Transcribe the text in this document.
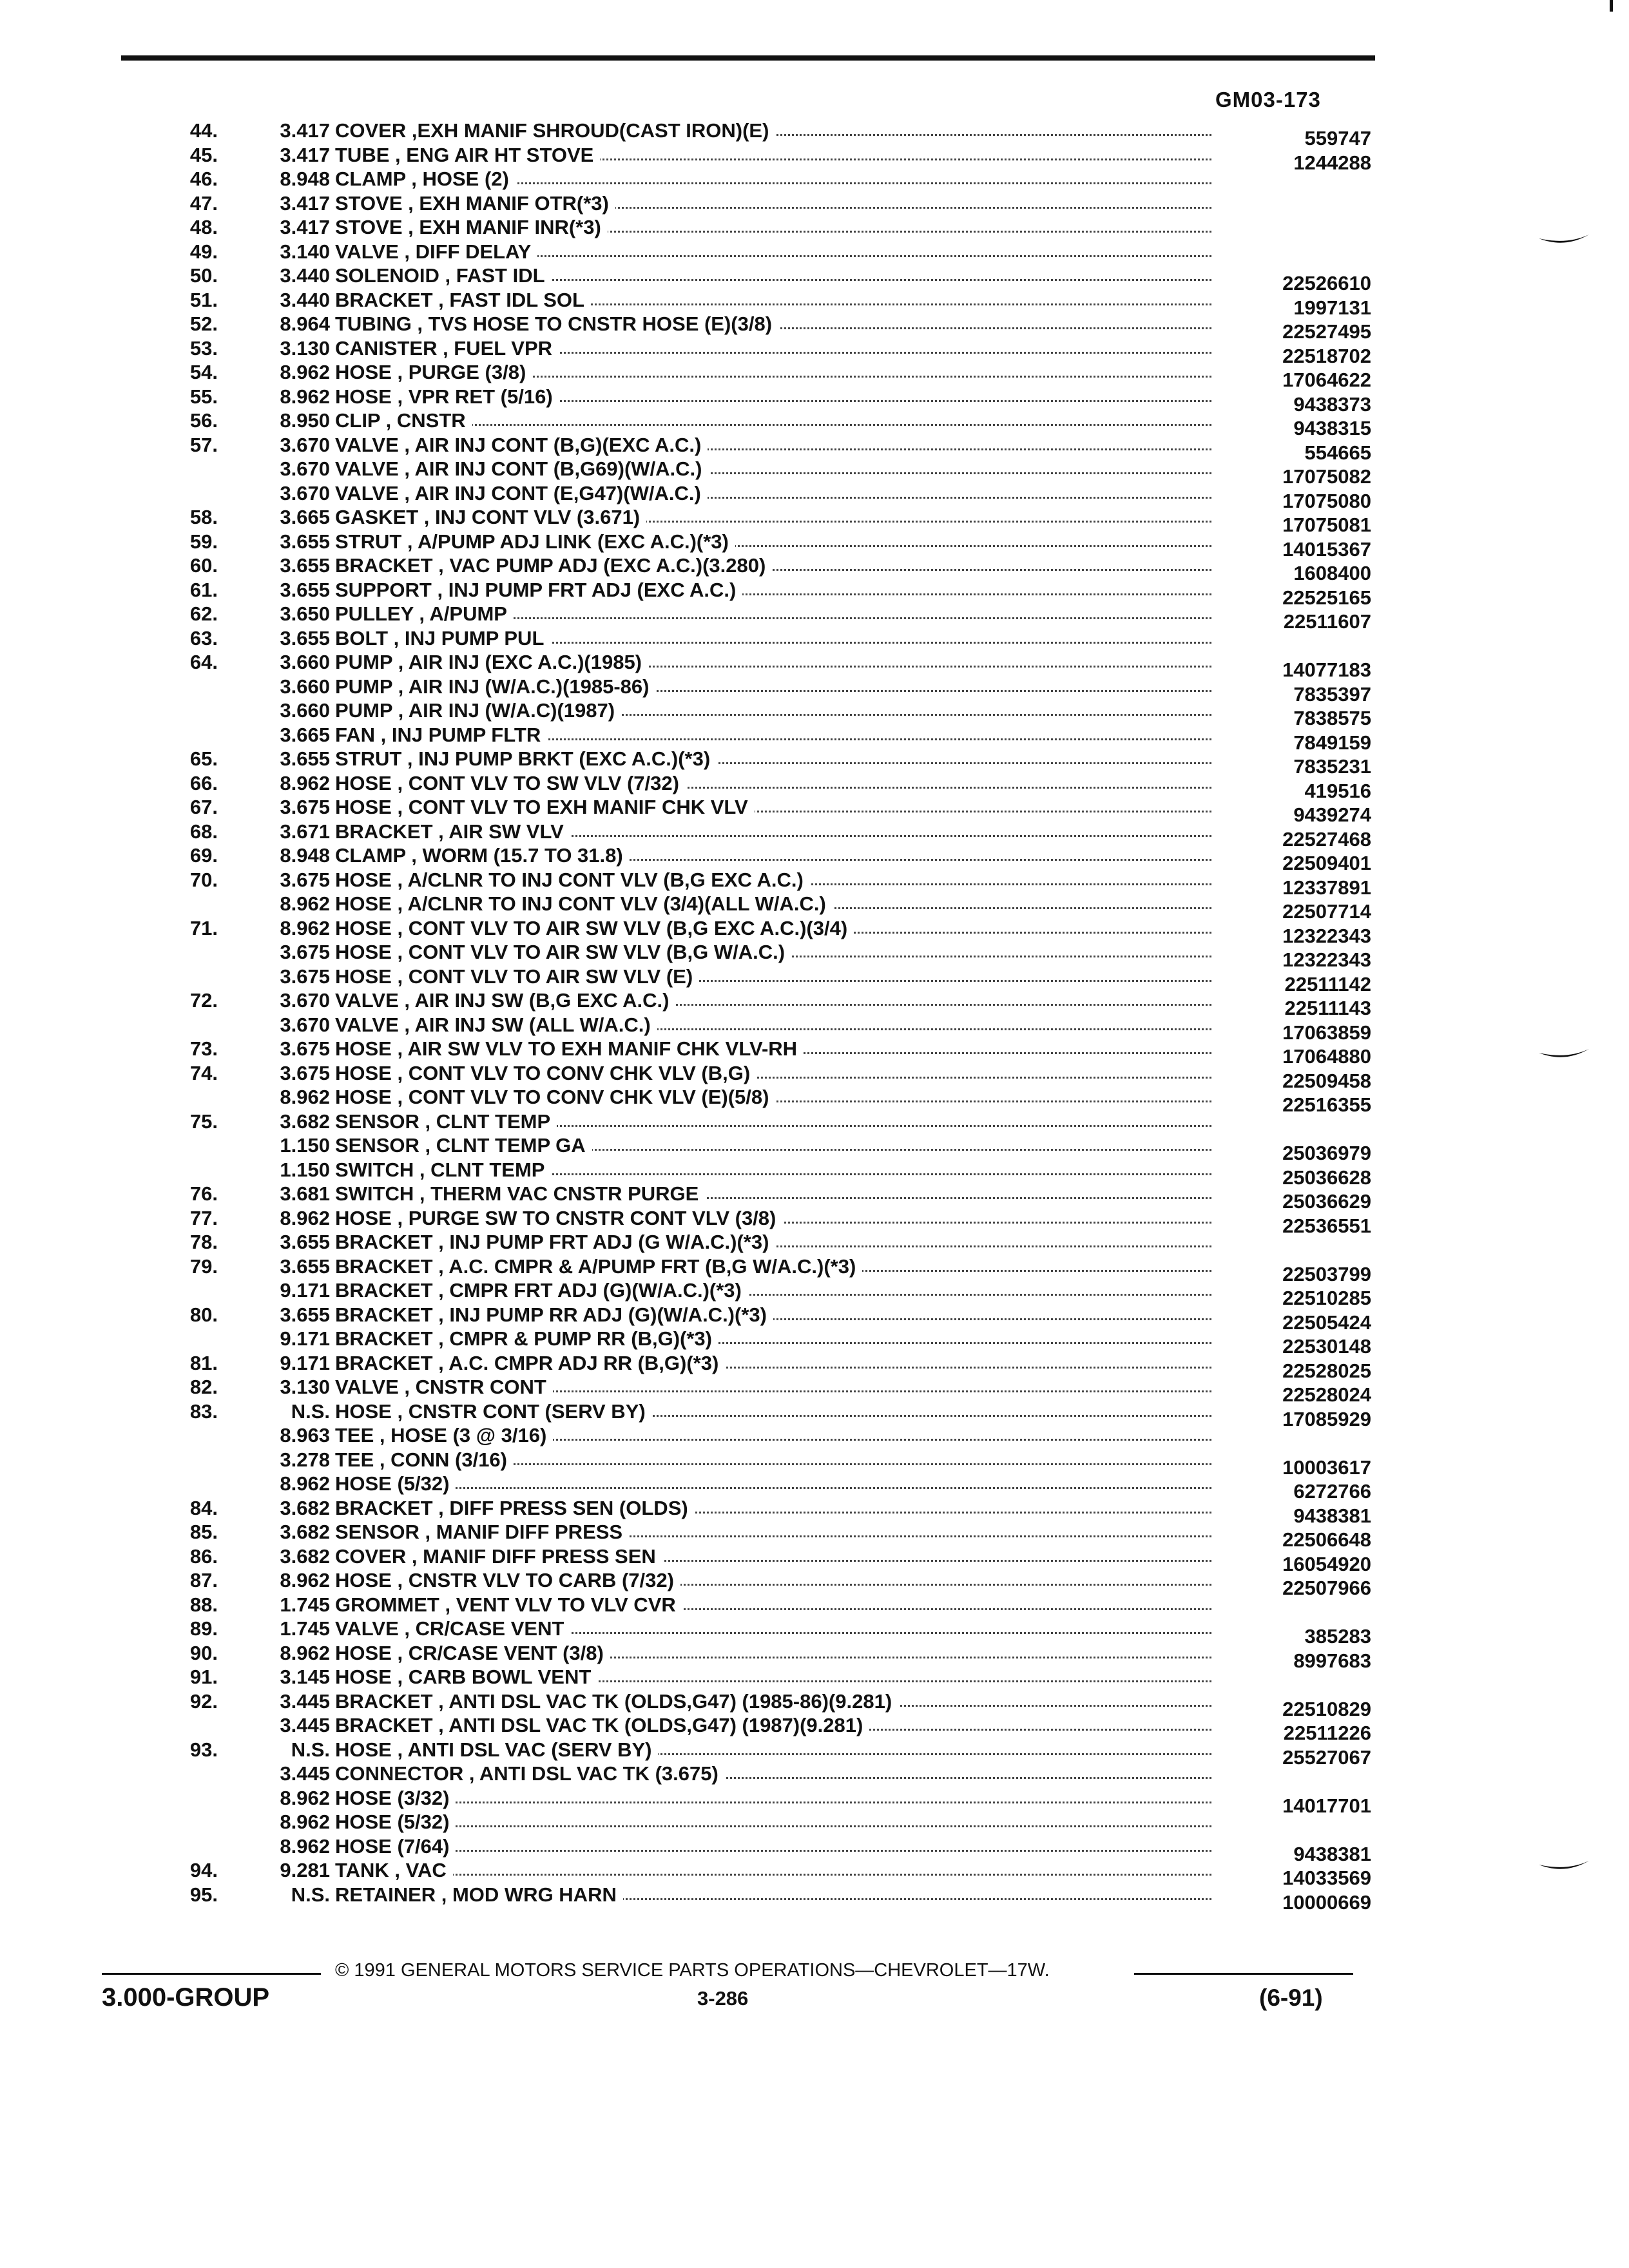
GM03-173
44.	3.417 COVER ,EXH MANIF SHROUD(CAST IRON)(E)	559747
45.	3.417 TUBE , ENG AIR HT STOVE	1244288
46.	8.948 CLAMP , HOSE (2)
47.	3.417 STOVE , EXH MANIF OTR(*3)
48.	3.417 STOVE , EXH MANIF INR(*3)
49.	3.140 VALVE , DIFF DELAY
50.	3.440 SOLENOID , FAST IDL	22526610
51.	3.440 BRACKET , FAST IDL SOL	1997131
52.	8.964 TUBING , TVS HOSE TO CNSTR HOSE (E)(3/8)	22527495
53.	3.130 CANISTER , FUEL VPR	22518702
54.	8.962 HOSE , PURGE (3/8)	17064622
55.	8.962 HOSE , VPR RET (5/16)	9438373
56.	8.950 CLIP , CNSTR	9438315
57.	3.670 VALVE , AIR INJ CONT (B,G)(EXC A.C.)	554665
3.670 VALVE , AIR INJ CONT (B,G69)(W/A.C.)	17075082
3.670 VALVE , AIR INJ CONT (E,G47)(W/A.C.)	17075080
58.	3.665 GASKET , INJ CONT VLV (3.671)	17075081
59.	3.655 STRUT , A/PUMP ADJ LINK (EXC A.C.)(*3)	14015367
60.	3.655 BRACKET , VAC PUMP ADJ (EXC A.C.)(3.280)	1608400
61.	3.655 SUPPORT , INJ PUMP FRT ADJ (EXC A.C.)	22525165
62.	3.650 PULLEY , A/PUMP	22511607
63.	3.655 BOLT , INJ PUMP PUL
64.	3.660 PUMP , AIR INJ (EXC A.C.)(1985)	14077183
3.660 PUMP , AIR INJ (W/A.C.)(1985-86)	7835397
3.660 PUMP , AIR INJ (W/A.C)(1987)	7838575
3.665 FAN , INJ PUMP FLTR	7849159
65.	3.655 STRUT , INJ PUMP BRKT (EXC A.C.)(*3)	7835231
66.	8.962 HOSE , CONT VLV TO SW VLV (7/32)	419516
67.	3.675 HOSE , CONT VLV TO EXH MANIF CHK VLV	9439274
68.	3.671 BRACKET , AIR SW VLV	22527468
69.	8.948 CLAMP , WORM (15.7 TO 31.8)	22509401
70.	3.675 HOSE , A/CLNR TO INJ CONT VLV (B,G EXC A.C.)	12337891
8.962 HOSE , A/CLNR TO INJ CONT VLV (3/4)(ALL W/A.C.)	22507714
71.	8.962 HOSE , CONT VLV TO AIR SW VLV (B,G EXC A.C.)(3/4)	12322343
3.675 HOSE , CONT VLV TO AIR SW VLV (B,G W/A.C.)	12322343
3.675 HOSE , CONT VLV TO AIR SW VLV (E)	22511142
72.	3.670 VALVE , AIR INJ SW (B,G EXC A.C.)	22511143
3.670 VALVE , AIR INJ SW (ALL W/A.C.)	17063859
73.	3.675 HOSE , AIR SW VLV TO EXH MANIF CHK VLV-RH	17064880
74.	3.675 HOSE , CONT VLV TO CONV CHK VLV (B,G)	22509458
8.962 HOSE , CONT VLV TO CONV CHK VLV (E)(5/8)	22516355
75.	3.682 SENSOR , CLNT TEMP
1.150 SENSOR , CLNT TEMP GA	25036979
1.150 SWITCH , CLNT TEMP	25036628
76.	3.681 SWITCH , THERM VAC CNSTR PURGE	25036629
77.	8.962 HOSE , PURGE SW TO CNSTR CONT VLV (3/8)	22536551
78.	3.655 BRACKET , INJ PUMP FRT ADJ (G W/A.C.)(*3)
79.	3.655 BRACKET , A.C. CMPR & A/PUMP FRT (B,G W/A.C.)(*3)	22503799
9.171 BRACKET , CMPR FRT ADJ (G)(W/A.C.)(*3)	22510285
80.	3.655 BRACKET , INJ PUMP RR ADJ (G)(W/A.C.)(*3)	22505424
9.171 BRACKET , CMPR & PUMP RR (B,G)(*3)	22530148
81.	9.171 BRACKET , A.C. CMPR ADJ RR (B,G)(*3)	22528025
82.	3.130 VALVE , CNSTR CONT	22528024
83.	N.S. HOSE , CNSTR CONT (SERV BY)	17085929
8.963 TEE , HOSE (3 @ 3/16)
3.278 TEE , CONN (3/16)	10003617
8.962 HOSE (5/32)	6272766
84.	3.682 BRACKET , DIFF PRESS SEN (OLDS)	9438381
85.	3.682 SENSOR , MANIF DIFF PRESS	22506648
86.	3.682 COVER , MANIF DIFF PRESS SEN	16054920
87.	8.962 HOSE , CNSTR VLV TO CARB (7/32)	22507966
88.	1.745 GROMMET , VENT VLV TO VLV CVR
89.	1.745 VALVE , CR/CASE VENT	385283
90.	8.962 HOSE , CR/CASE VENT (3/8)	8997683
91.	3.145 HOSE , CARB BOWL VENT
92.	3.445 BRACKET , ANTI DSL VAC TK (OLDS,G47) (1985-86)(9.281)	22510829
3.445 BRACKET , ANTI DSL VAC TK (OLDS,G47) (1987)(9.281)	22511226
93.	N.S. HOSE , ANTI DSL VAC (SERV BY)	25527067
3.445 CONNECTOR , ANTI DSL VAC TK (3.675)
8.962 HOSE (3/32)	14017701
8.962 HOSE (5/32)
8.962 HOSE (7/64)	9438381
94.	9.281 TANK , VAC	14033569
95.	N.S. RETAINER , MOD WRG HARN	10000669
© 1991 GENERAL MOTORS SERVICE PARTS OPERATIONS—CHEVROLET—17W.
3.000-GROUP	3-286	(6-91)
